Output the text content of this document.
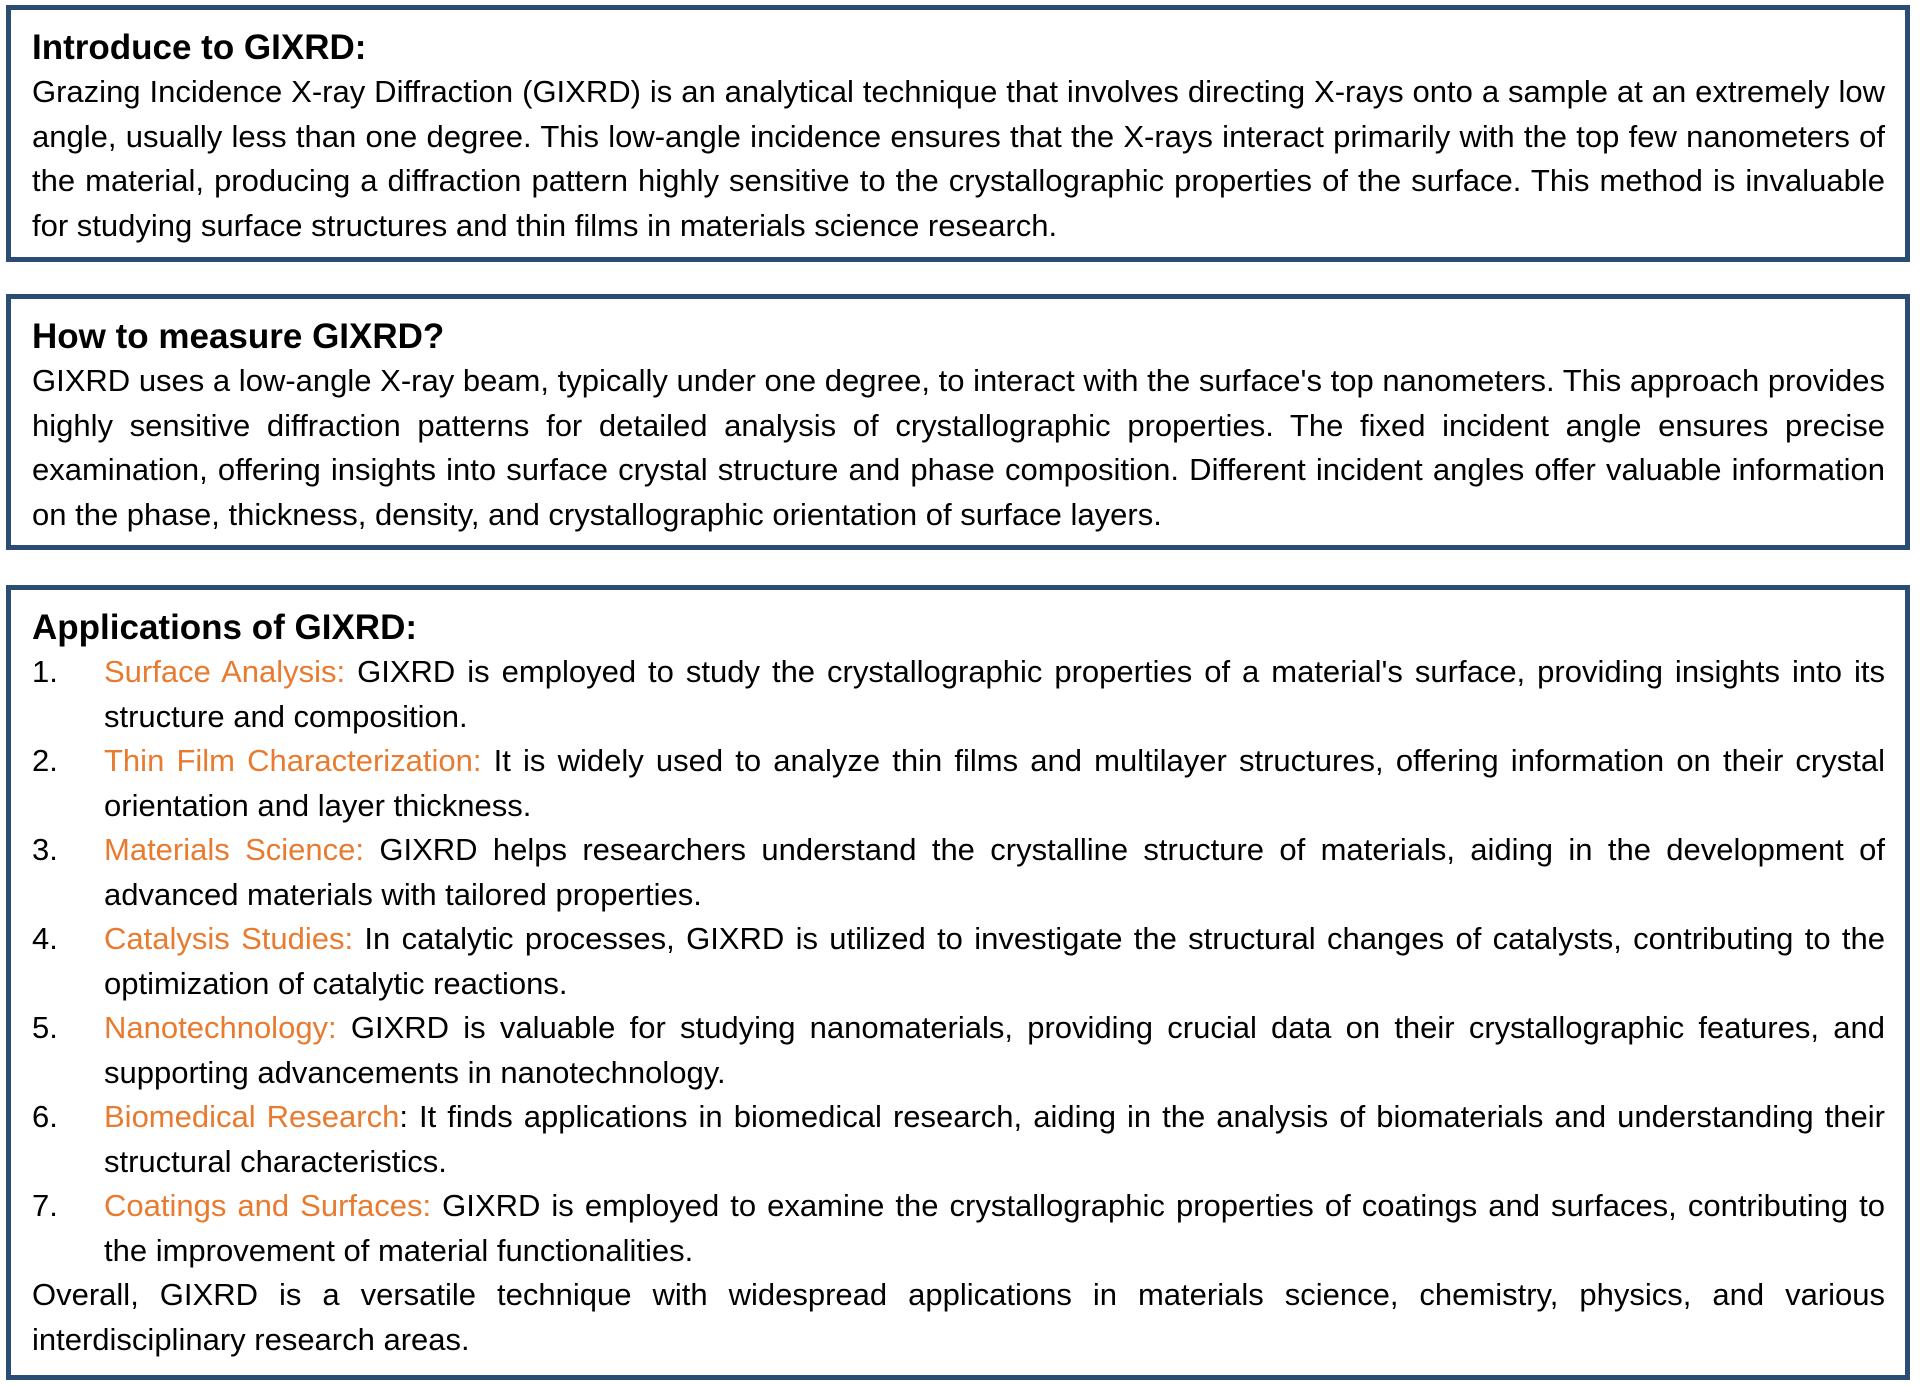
Introduce to GIXRD:

Grazing Incidence X-ray Diffraction (GIXRD) is an analytical technique that involves directing X-rays onto a sample at an extremely low angle, usually less than one degree. This low-angle incidence ensures that the X-rays interact primarily with the top few nanometers of the material, producing a diffraction pattern highly sensitive to the crystallographic properties of the surface. This method is invaluable for studying surface structures and thin films in materials science research.

How to measure GIXRD?

GIXRD uses a low-angle X-ray beam, typically under one degree, to interact with the surface's top nanometers. This approach provides highly sensitive diffraction patterns for detailed analysis of crystallographic properties. The fixed incident angle ensures precise examination, offering insights into surface crystal structure and phase composition. Different incident angles offer valuable information on the phase, thickness, density, and crystallographic orientation of surface layers.

Applications of GIXRD:
1. Surface Analysis: GIXRD is employed to study the crystallographic properties of a material's surface, providing insights into its structure and composition.
2. Thin Film Characterization: It is widely used to analyze thin films and multilayer structures, offering information on their crystal orientation and layer thickness.
3. Materials Science: GIXRD helps researchers understand the crystalline structure of materials, aiding in the development of advanced materials with tailored properties.
4. Catalysis Studies: In catalytic processes, GIXRD is utilized to investigate the structural changes of catalysts, contributing to the optimization of catalytic reactions.
5. Nanotechnology: GIXRD is valuable for studying nanomaterials, providing crucial data on their crystallographic features, and supporting advancements in nanotechnology.
6. Biomedical Research: It finds applications in biomedical research, aiding in the analysis of biomaterials and understanding their structural characteristics.
7. Coatings and Surfaces: GIXRD is employed to examine the crystallographic properties of coatings and surfaces, contributing to the improvement of material functionalities.

Overall, GIXRD is a versatile technique with widespread applications in materials science, chemistry, physics, and various interdisciplinary research areas.
